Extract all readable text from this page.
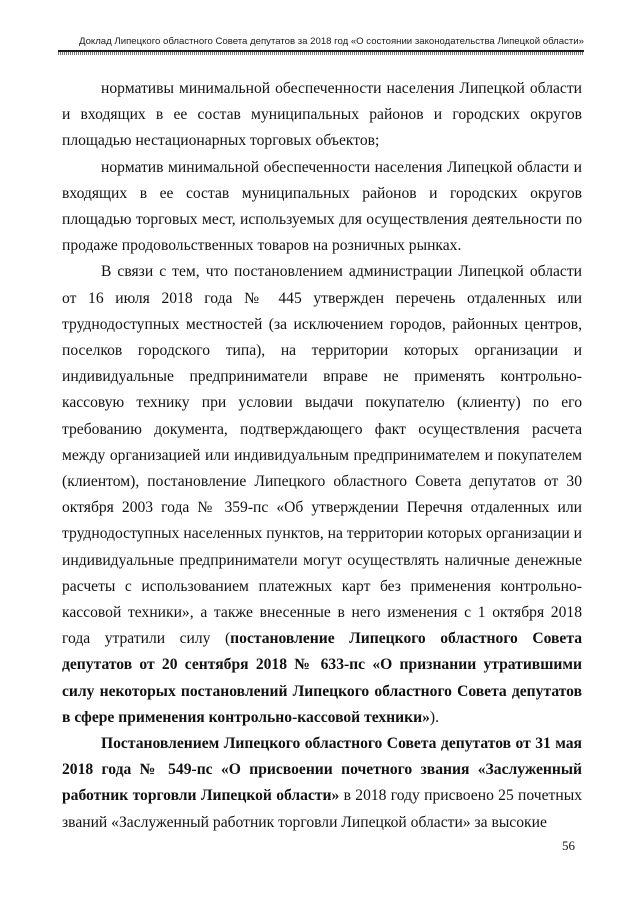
Доклад Липецкого областного Совета депутатов за 2018 год «О состоянии законодательства Липецкой области»

нормативы минимальной обеспеченности населения Липецкой области и входящих в ее состав муниципальных районов и городских округов площадью нестационарных торговых объектов;

норматив минимальной обеспеченности населения Липецкой области и входящих в ее состав муниципальных районов и городских округов площадью торговых мест, используемых для осуществления деятельности по продаже продовольственных товаров на розничных рынках.

В связи с тем, что постановлением администрации Липецкой области от 16 июля 2018 года № 445 утвержден перечень отдаленных или труднодоступных местностей (за исключением городов, районных центров, поселков городского типа), на территории которых организации и индивидуальные предприниматели вправе не применять контрольно-кассовую технику при условии выдачи покупателю (клиенту) по его требованию документа, подтверждающего факт осуществления расчета между организацией или индивидуальным предпринимателем и покупателем (клиентом), постановление Липецкого областного Совета депутатов от 30 октября 2003 года № 359-пс «Об утверждении Перечня отдаленных или труднодоступных населенных пунктов, на территории которых организации и индивидуальные предприниматели могут осуществлять наличные денежные расчеты с использованием платежных карт без применения контрольно-кассовой техники», а также внесенные в него изменения с 1 октября 2018 года утратили силу (постановление Липецкого областного Совета депутатов от 20 сентября 2018 № 633-пс «О признании утратившими силу некоторых постановлений Липецкого областного Совета депутатов в сфере применения контрольно-кассовой техники»).

Постановлением Липецкого областного Совета депутатов от 31 мая 2018 года № 549-пс «О присвоении почетного звания «Заслуженный работник торговли Липецкой области» в 2018 году присвоено 25 почетных званий «Заслуженный работник торговли Липецкой области» за высокие

56
